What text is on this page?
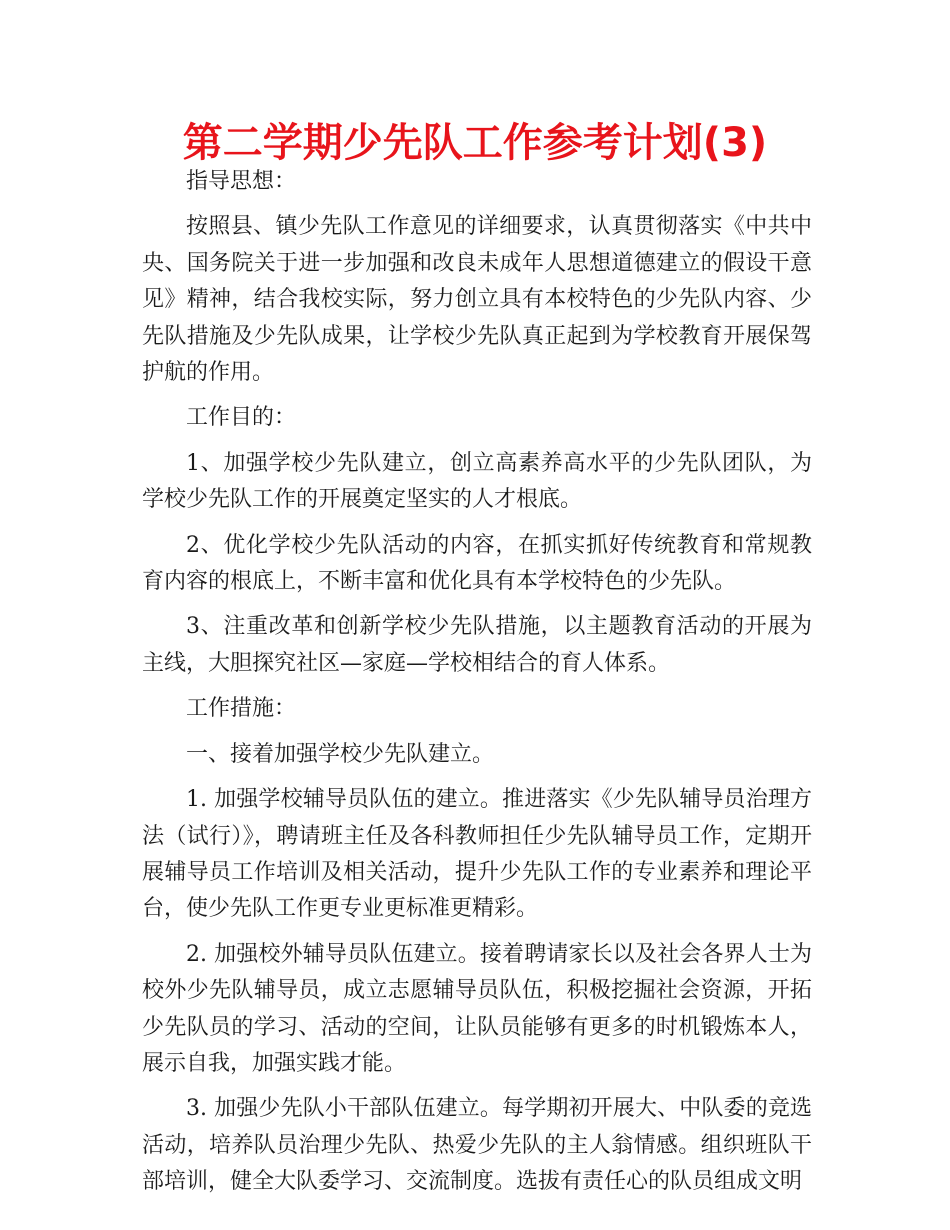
第二学期少先队工作参考计划(3)

指导思想：

按照县、镇少先队工作意见的详细要求，认真贯彻落实《中共中央、国务院关于进一步加强和改良未成年人思想道德建立的假设干意见》精神，结合我校实际，努力创立具有本校特色的少先队内容、少先队措施及少先队成果，让学校少先队真正起到为学校教育开展保驾护航的作用。

工作目的：

1、加强学校少先队建立，创立高素养高水平的少先队团队，为学校少先队工作的开展奠定坚实的人才根底。

2、优化学校少先队活动的内容，在抓实抓好传统教育和常规教育内容的根底上，不断丰富和优化具有本学校特色的少先队。

3、注重改革和创新学校少先队措施，以主题教育活动的开展为主线，大胆探究社区—家庭—学校相结合的育人体系。

工作措施：

一、接着加强学校少先队建立。

1. 加强学校辅导员队伍的建立。推进落实《少先队辅导员治理方法（试行）》，聘请班主任及各科教师担任少先队辅导员工作，定期开展辅导员工作培训及相关活动，提升少先队工作的专业素养和理论平台，使少先队工作更专业更标准更精彩。

2. 加强校外辅导员队伍建立。接着聘请家长以及社会各界人士为校外少先队辅导员，成立志愿辅导员队伍，积极挖掘社会资源，开拓少先队员的学习、活动的空间，让队员能够有更多的时机锻炼本人，展示自我，加强实践才能。

3. 加强少先队小干部队伍建立。每学期初开展大、中队委的竞选活动，培养队员治理少先队、热爱少先队的主人翁情感。组织班队干部培训，健全大队委学习、交流制度。选拔有责任心的队员组成文明
